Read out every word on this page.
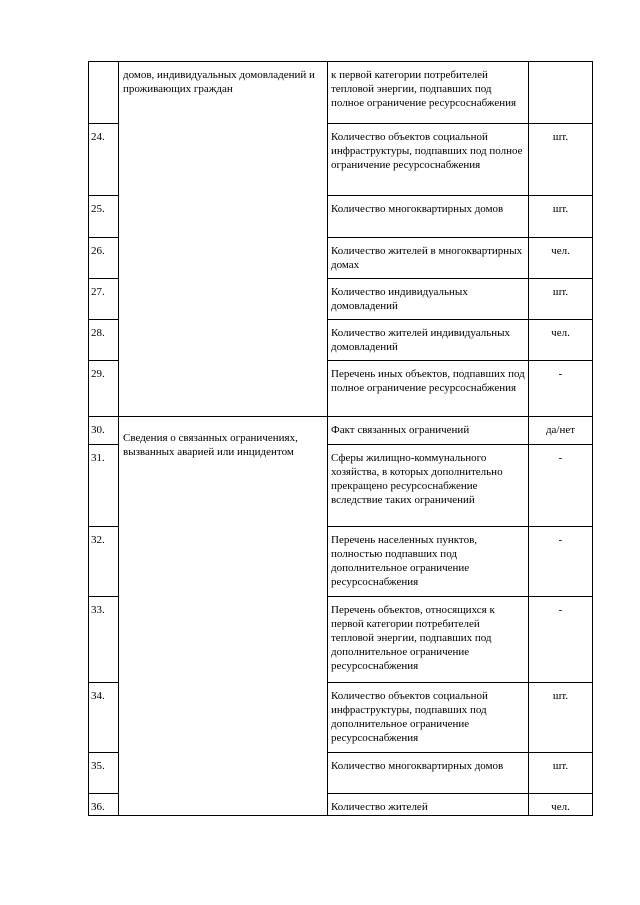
	домов, индивидуальных домовладений и проживающих граждан	к первой категории потребителей тепловой энергии, подпавших под полное ограничение ресурсоснабжения	
24.		Количество объектов социальной инфраструктуры, подпавших под полное ограничение ресурсоснабжения	шт.
25.		Количество многоквартирных домов	шт.
26.		Количество жителей в многоквартирных домах	чел.
27.		Количество индивидуальных домовладений	шт.
28.		Количество жителей индивидуальных домовладений	чел.
29.		Перечень иных объектов, подпавших под полное ограничение ресурсоснабжения	-
30.	Сведения о связанных ограничениях, вызванных аварией или инцидентом	Факт связанных ограничений	да/нет
31.		Сферы жилищно-коммунального хозяйства, в которых дополнительно прекращено ресурсоснабжение вследствие таких ограничений	-
32.		Перечень населенных пунктов, полностью подпавших под дополнительное ограничение ресурсоснабжения	-
33.		Перечень объектов, относящихся к первой категории потребителей тепловой энергии, подпавших под дополнительное ограничение ресурсоснабжения	-
34.		Количество объектов социальной инфраструктуры, подпавших под дополнительное ограничение ресурсоснабжения	шт.
35.		Количество многоквартирных домов	шт.
36.		Количество жителей	чел.
